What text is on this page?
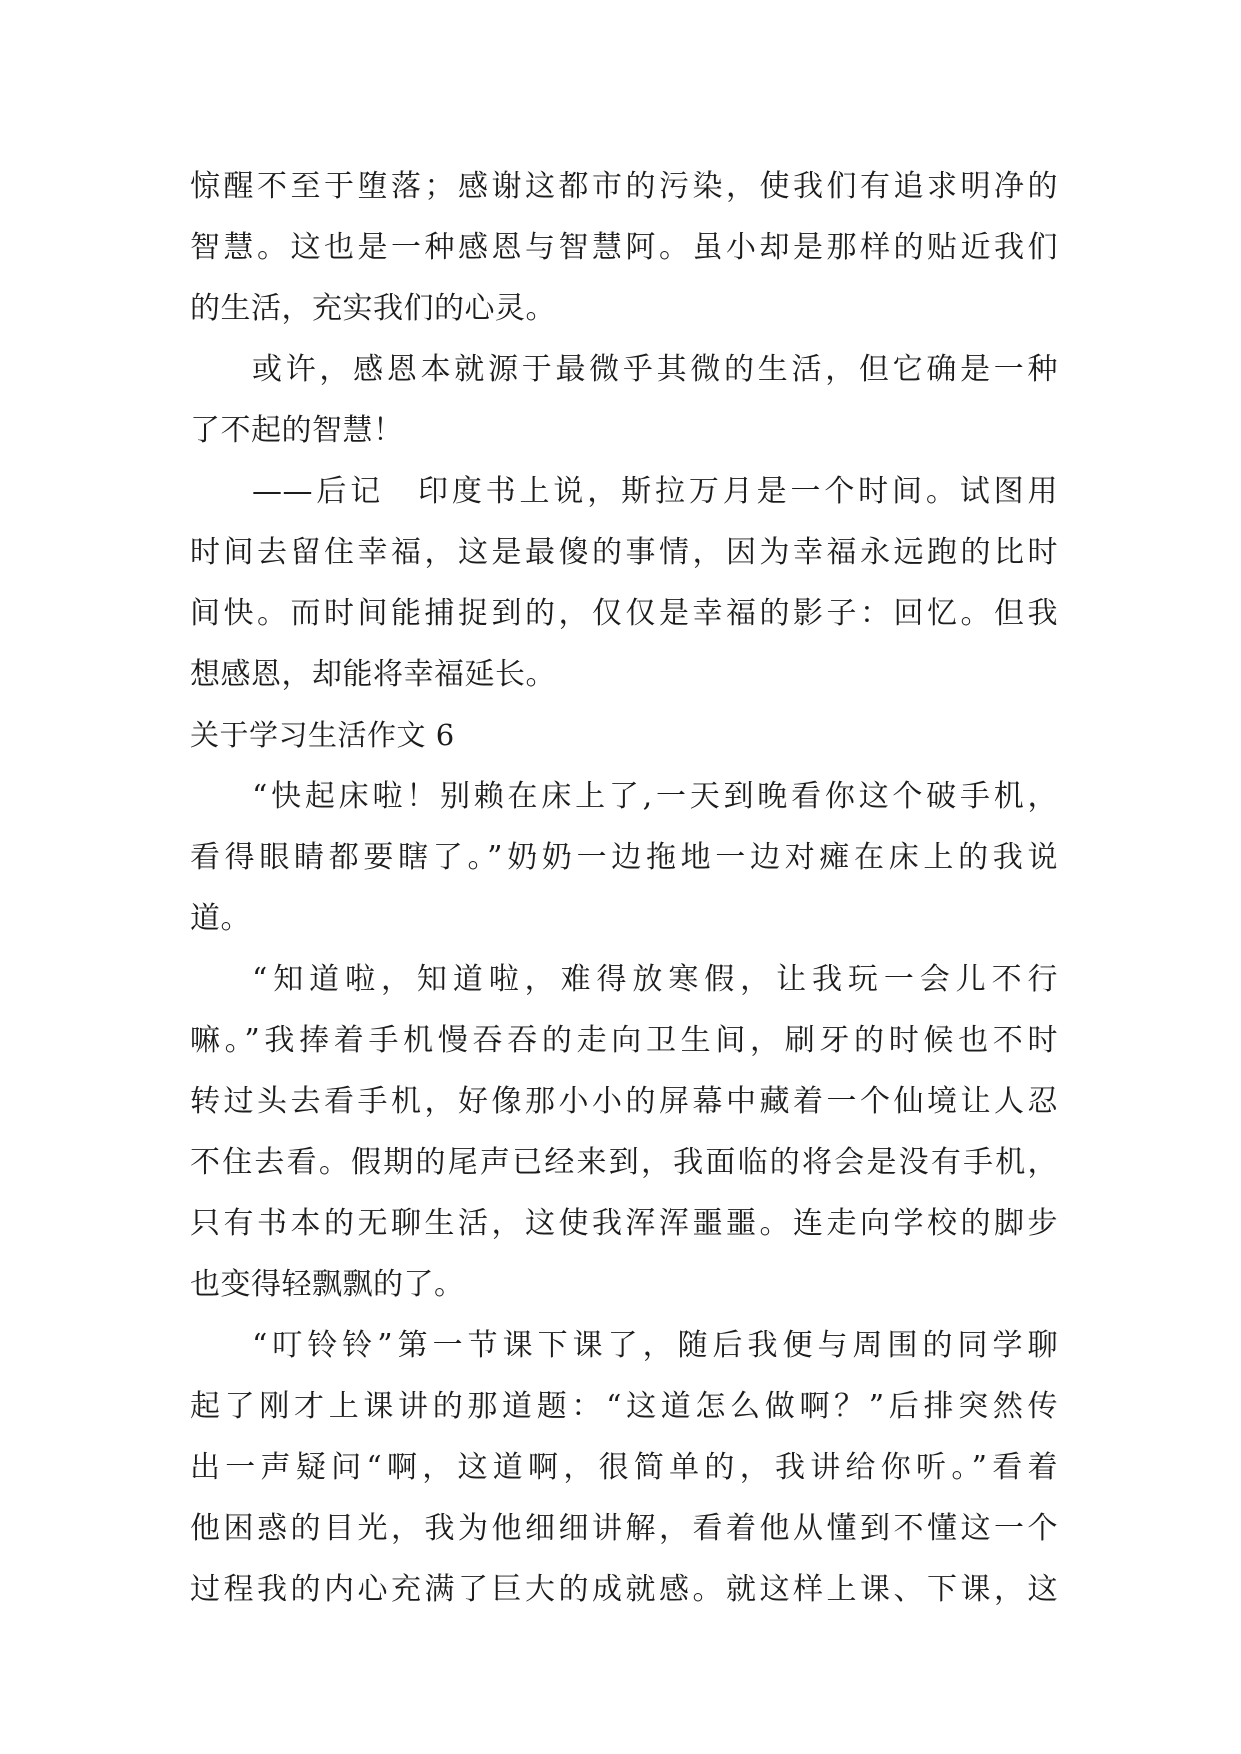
惊醒不至于堕落；感谢这都市的污染，使我们有追求明净的
智慧。这也是一种感恩与智慧阿。虽小却是那样的贴近我们
的生活，充实我们的心灵。
或许，感恩本就源于最微乎其微的生活，但它确是一种
了不起的智慧！
——后记　印度书上说，斯拉万月是一个时间。试图用
时间去留住幸福，这是最傻的事情，因为幸福永远跑的比时
间快。而时间能捕捉到的，仅仅是幸福的影子：回忆。但我
想感恩，却能将幸福延长。
关于学习生活作文 6
“快起床啦！别赖在床上了,一天到晚看你这个破手机，
看得眼睛都要瞎了。”奶奶一边拖地一边对瘫在床上的我说
道。
“知道啦，知道啦，难得放寒假，让我玩一会儿不行
嘛。”我捧着手机慢吞吞的走向卫生间，刷牙的时候也不时
转过头去看手机，好像那小小的屏幕中藏着一个仙境让人忍
不住去看。假期的尾声已经来到，我面临的将会是没有手机，
只有书本的无聊生活，这使我浑浑噩噩。连走向学校的脚步
也变得轻飘飘的了。
“叮铃铃”第一节课下课了，随后我便与周围的同学聊
起了刚才上课讲的那道题：“这道怎么做啊？”后排突然传
出一声疑问“啊，这道啊，很简单的，我讲给你听。”看着
他困惑的目光，我为他细细讲解，看着他从懂到不懂这一个
过程我的内心充满了巨大的成就感。就这样上课、下课，这
